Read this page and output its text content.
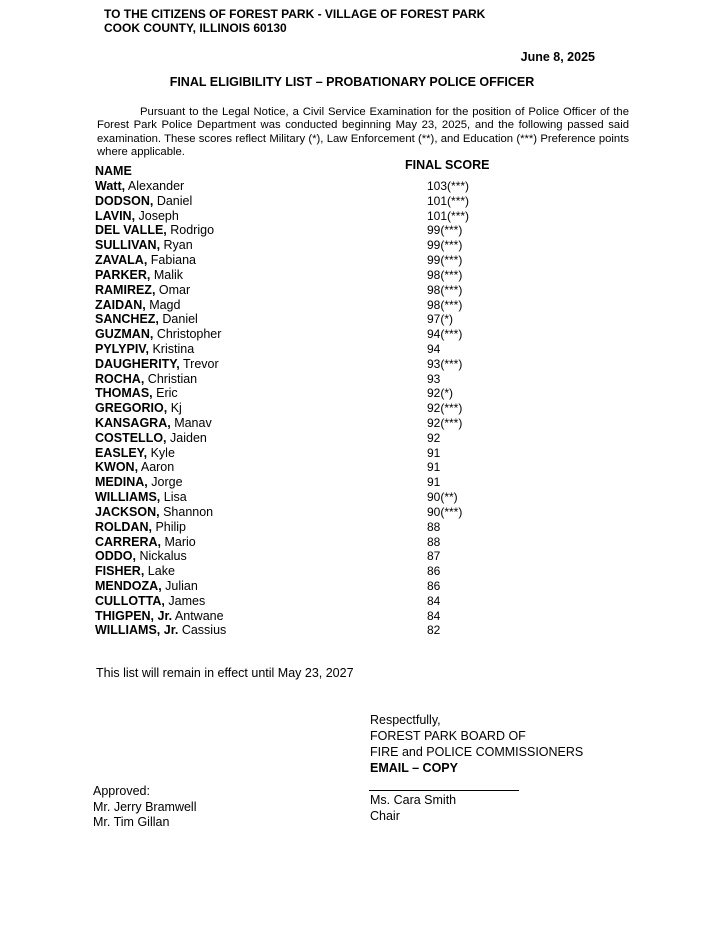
TO THE CITIZENS OF FOREST PARK - VILLAGE OF FOREST PARK
COOK COUNTY, ILLINOIS 60130
June 8, 2025
FINAL ELIGIBILITY LIST – PROBATIONARY POLICE OFFICER
Pursuant to the Legal Notice, a Civil Service Examination for the position of Police Officer of the Forest Park Police Department was conducted beginning May 23, 2025, and the following passed said examination. These scores reflect Military (*), Law Enforcement (**), and Education (***) Preference points where applicable.
NAME	FINAL SCORE
Watt, Alexander	103(***)
DODSON, Daniel	101(***)
LAVIN, Joseph	101(***)
DEL VALLE, Rodrigo	99(***)
SULLIVAN, Ryan	99(***)
ZAVALA, Fabiana	99(***)
PARKER, Malik	98(***)
RAMIREZ, Omar	98(***)
ZAIDAN, Magd	98(***)
SANCHEZ, Daniel	97(*)
GUZMAN, Christopher	94(***)
PYLYPIV, Kristina	94
DAUGHERITY, Trevor	93(***)
ROCHA, Christian	93
THOMAS, Eric	92(*)
GREGORIO, Kj	92(***)
KANSAGRA, Manav	92(***)
COSTELLO, Jaiden	92
EASLEY, Kyle	91
KWON, Aaron	91
MEDINA, Jorge	91
WILLIAMS, Lisa	90(**)
JACKSON, Shannon	90(***)
ROLDAN, Philip	88
CARRERA, Mario	88
ODDO, Nickalus	87
FISHER, Lake	86
MENDOZA, Julian	86
CULLOTTA, James	84
THIGPEN, Jr. Antwane	84
WILLIAMS, Jr. Cassius	82
This list will remain in effect until May 23, 2027
Respectfully,
FOREST PARK BOARD OF
FIRE and POLICE COMMISSIONERS
EMAIL – COPY
Ms. Cara Smith
Chair
Approved:
Mr. Jerry Bramwell
Mr. Tim Gillan
